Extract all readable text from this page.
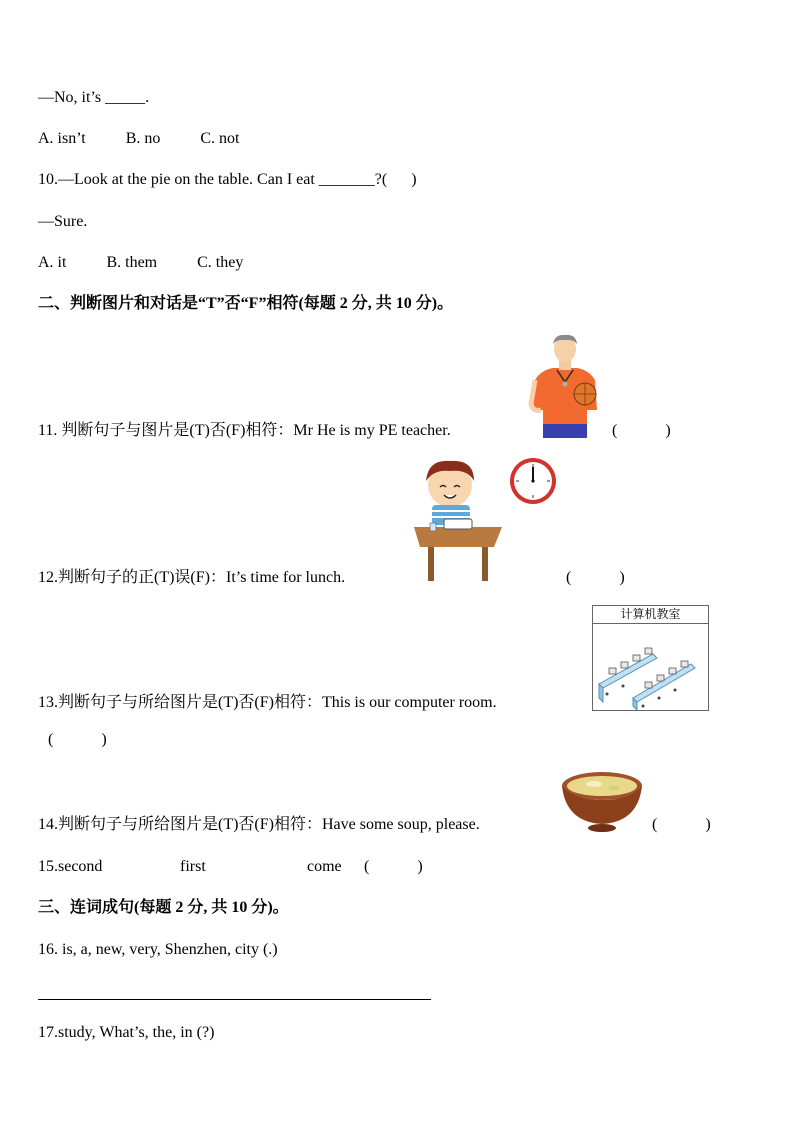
—No, it’s _____.
A. isn’t          B. no          C. not
10.—Look at the pie on the table. Can I eat _______?(      )
—Sure.
A. it          B. them          C. they
二、判断图片和对话是“T”否“F”相符(每题 2 分, 共 10 分)。
11. 判断句子与图片是(T)否(F)相符：Mr He is my PE teacher.	(            )
12.判断句子的正(T)误(F)：It’s time for lunch.	(            )
计算机教室
13.判断句子与所给图片是(T)否(F)相符：This is our computer room.
(            )
14.判断句子与所给图片是(T)否(F)相符：Have some soup, please.	(            )
15.second	first	come (            )
三、连词成句(每题 2 分, 共 10 分)。
16. is, a, new, very, Shenzhen, city (.)
17.study, What’s, the, in (?)
